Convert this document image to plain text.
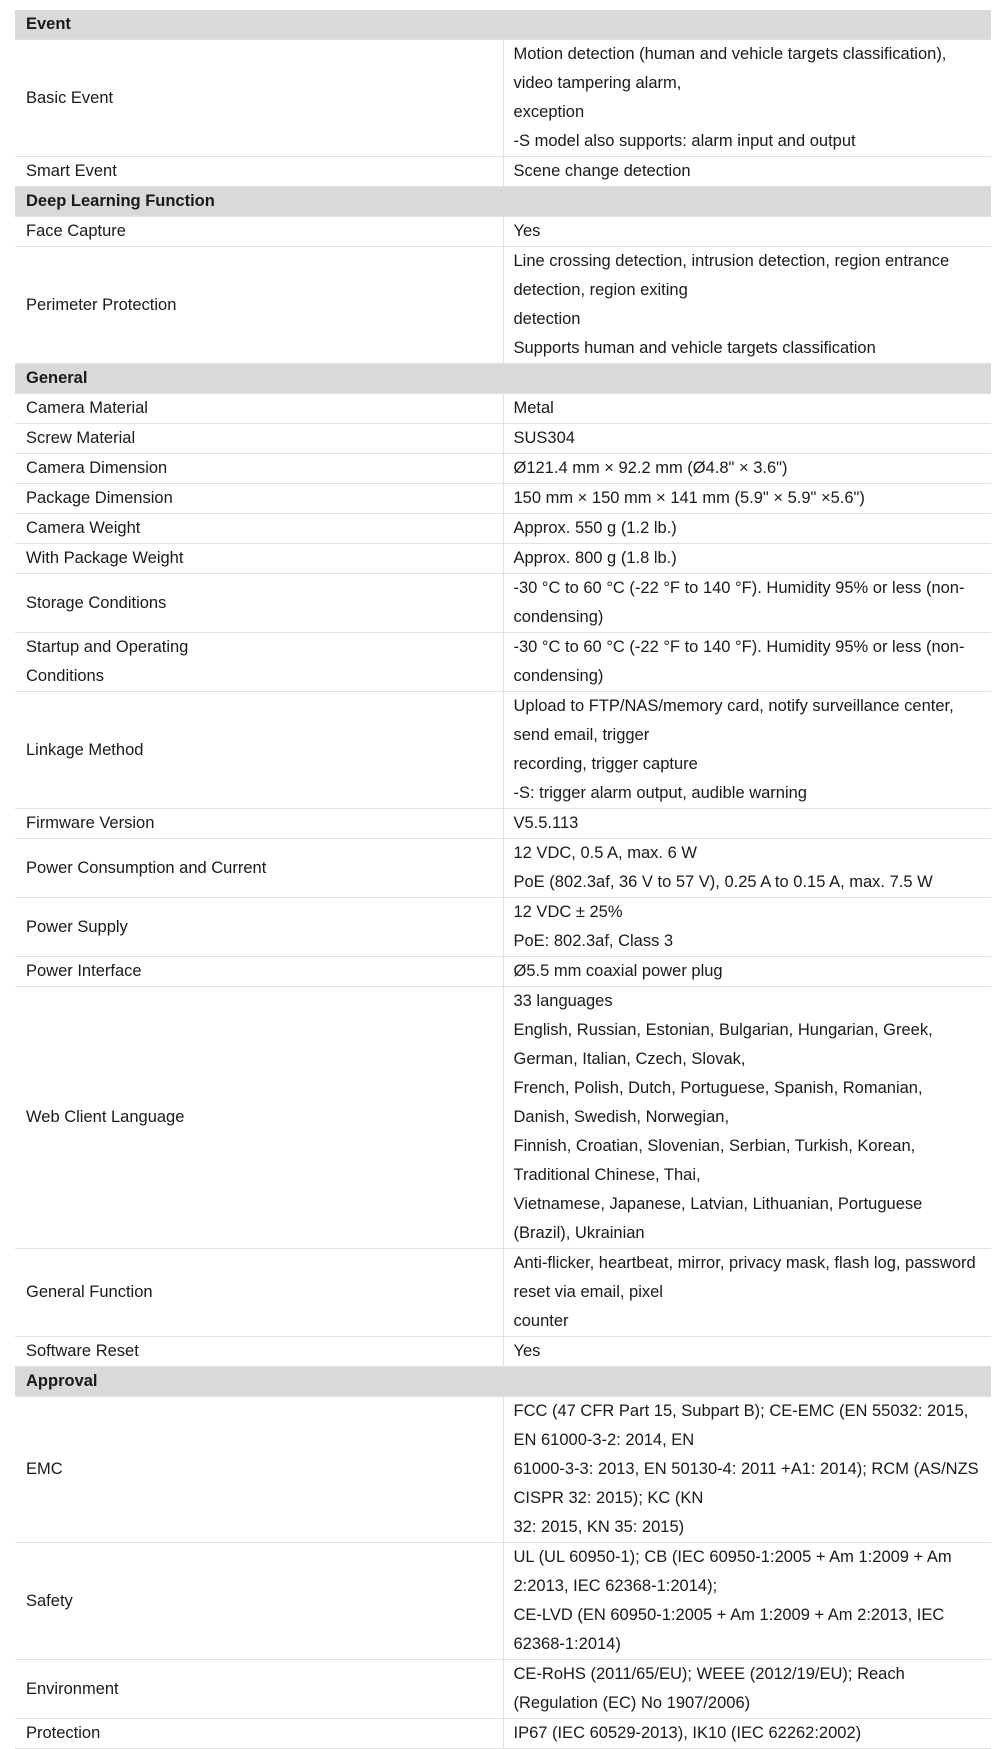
Event	

Basic Event	Motion detection (human and vehicle targets classification), video tampering alarm,
exception
-S model also supports: alarm input and output

Smart Event	Scene change detection

Deep Learning Function	

Face Capture	Yes

Perimeter Protection	Line crossing detection, intrusion detection, region entrance detection, region exiting
detection
Supports human and vehicle targets classification

General	

Camera Material	Metal

Screw Material	SUS304

Camera Dimension	Ø121.4 mm × 92.2 mm (Ø4.8" × 3.6")

Package Dimension	150 mm × 150 mm × 141 mm (5.9" × 5.9" ×5.6")

Camera Weight	Approx. 550 g (1.2 lb.)

With Package Weight	Approx. 800 g (1.8 lb.)

Storage Conditions	-30 °C to 60 °C (-22 °F to 140 °F). Humidity 95% or less (non-condensing)

Startup and Operating
Conditions	-30 °C to 60 °C (-22 °F to 140 °F). Humidity 95% or less (non-condensing)

Linkage Method	Upload to FTP/NAS/memory card, notify surveillance center, send email, trigger
recording, trigger capture
-S: trigger alarm output, audible warning

Firmware Version	V5.5.113

Power Consumption and Current	12 VDC, 0.5 A, max. 6 W
PoE (802.3af, 36 V to 57 V), 0.25 A to 0.15 A, max. 7.5 W

Power Supply	12 VDC ± 25%
PoE: 802.3af, Class 3

Power Interface	Ø5.5 mm coaxial power plug

Web Client Language	33 languages
English, Russian, Estonian, Bulgarian, Hungarian, Greek, German, Italian, Czech, Slovak,
French, Polish, Dutch, Portuguese, Spanish, Romanian, Danish, Swedish, Norwegian,
Finnish, Croatian, Slovenian, Serbian, Turkish, Korean, Traditional Chinese, Thai,
Vietnamese, Japanese, Latvian, Lithuanian, Portuguese (Brazil), Ukrainian

General Function	Anti-flicker, heartbeat, mirror, privacy mask, flash log, password reset via email, pixel
counter

Software Reset	Yes

Approval	

EMC	FCC (47 CFR Part 15, Subpart B); CE-EMC (EN 55032: 2015, EN 61000-3-2: 2014, EN
61000-3-3: 2013, EN 50130-4: 2011 +A1: 2014); RCM (AS/NZS CISPR 32: 2015); KC (KN
32: 2015, KN 35: 2015)

Safety	UL (UL 60950-1); CB (IEC 60950-1:2005 + Am 1:2009 + Am 2:2013, IEC 62368-1:2014);
CE-LVD (EN 60950-1:2005 + Am 1:2009 + Am 2:2013, IEC 62368-1:2014)

Environment	CE-RoHS (2011/65/EU); WEEE (2012/19/EU); Reach (Regulation (EC) No 1907/2006)

Protection	IP67 (IEC 60529-2013), IK10 (IEC 62262:2002)
